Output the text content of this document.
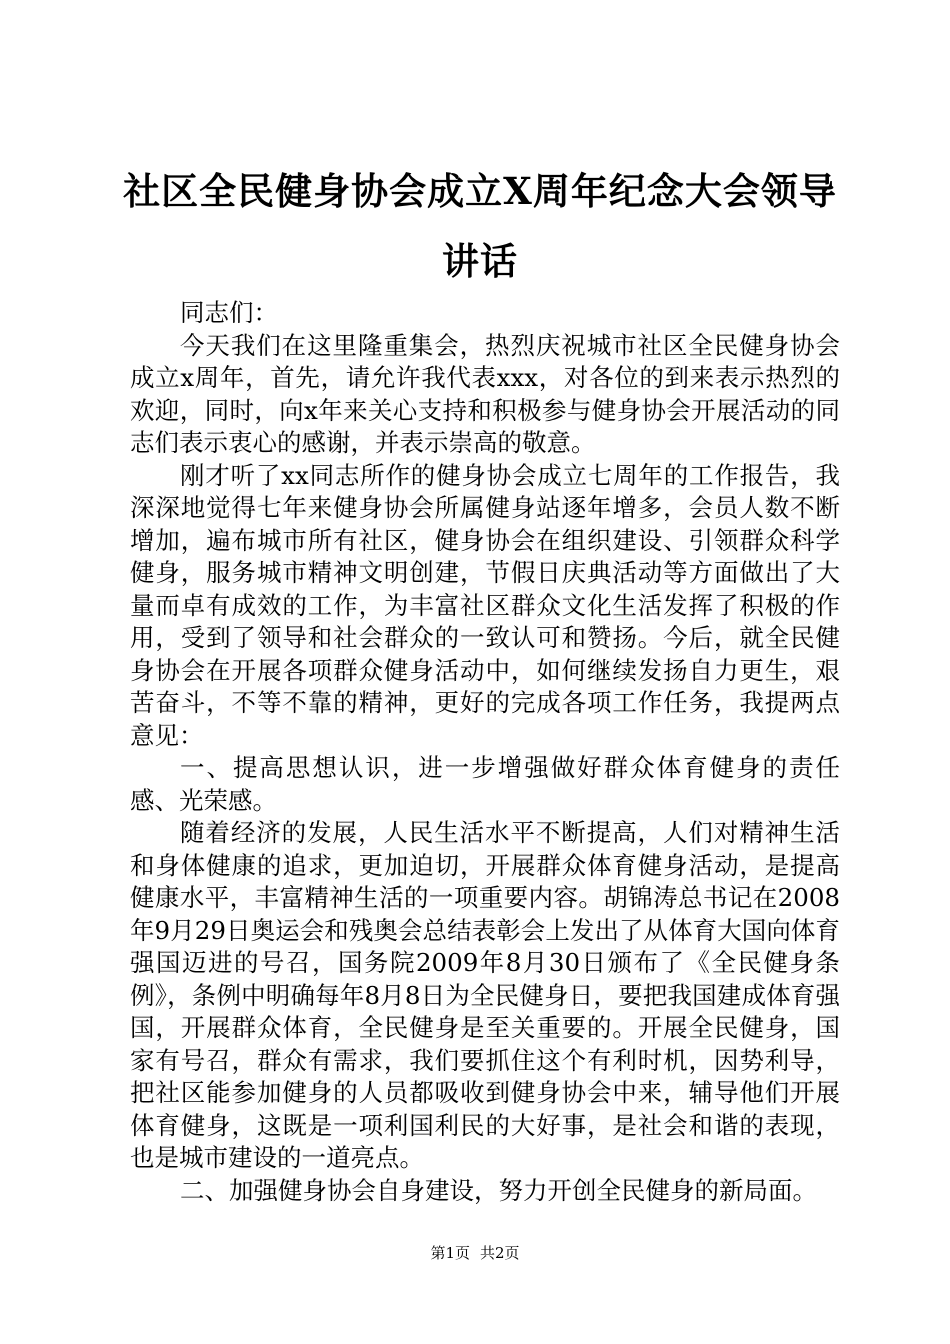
社区全民健身协会成立X周年纪念大会领导讲话

同志们：

今天我们在这里隆重集会，热烈庆祝城市社区全民健身协会成立x周年，首先，请允许我代表xxx，对各位的到来表示热烈的欢迎，同时，向x年来关心支持和积极参与健身协会开展活动的同志们表示衷心的感谢，并表示崇高的敬意。

刚才听了xx同志所作的健身协会成立七周年的工作报告，我深深地觉得七年来健身协会所属健身站逐年增多，会员人数不断增加，遍布城市所有社区，健身协会在组织建设、引领群众科学健身，服务城市精神文明创建，节假日庆典活动等方面做出了大量而卓有成效的工作，为丰富社区群众文化生活发挥了积极的作用，受到了领导和社会群众的一致认可和赞扬。今后，就全民健身协会在开展各项群众健身活动中，如何继续发扬自力更生，艰苦奋斗，不等不靠的精神，更好的完成各项工作任务，我提两点意见：

一、提高思想认识，进一步增强做好群众体育健身的责任感、光荣感。

随着经济的发展，人民生活水平不断提高，人们对精神生活和身体健康的追求，更加迫切，开展群众体育健身活动，是提高健康水平，丰富精神生活的一项重要内容。胡锦涛总书记在2008年9月29日奥运会和残奥会总结表彰会上发出了从体育大国向体育强国迈进的号召，国务院2009年8月30日颁布了《全民健身条例》，条例中明确每年8月8日为全民健身日，要把我国建成体育强国，开展群众体育，全民健身是至关重要的。开展全民健身，国家有号召，群众有需求，我们要抓住这个有利时机，因势利导，把社区能参加健身的人员都吸收到健身协会中来，辅导他们开展体育健身，这既是一项利国利民的大好事，是社会和谐的表现，也是城市建设的一道亮点。

二、加强健身协会自身建设，努力开创全民健身的新局面。

第1页 共2页
